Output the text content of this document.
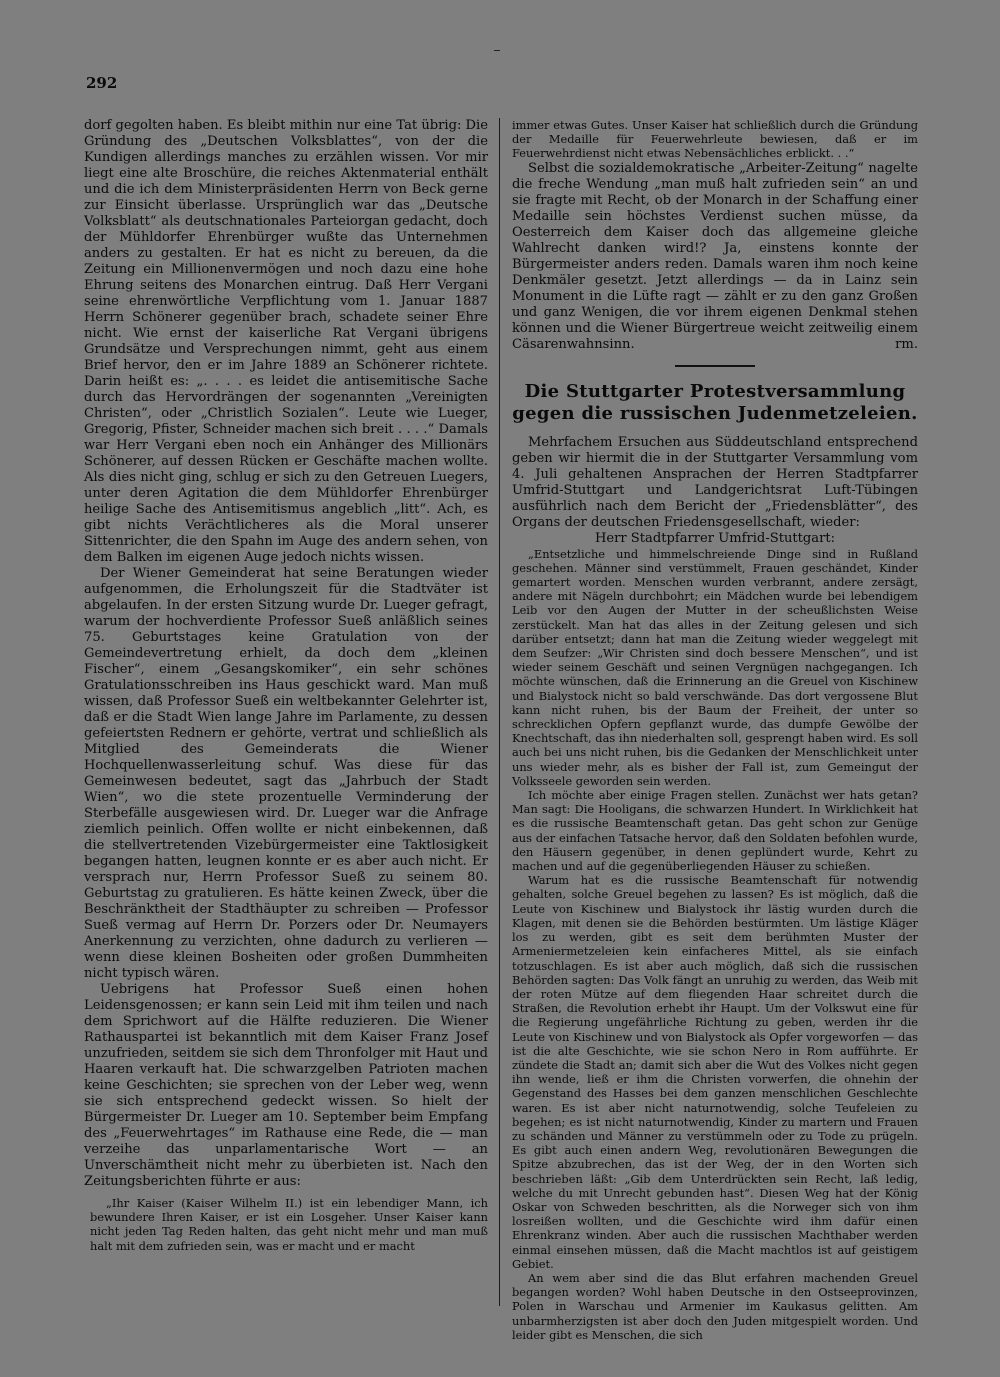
292

dorf gegolten haben. Es bleibt mithin nur eine Tat übrig: Die Gründung des „Deutschen Volksblattes“, von der die Kundigen allerdings manches zu erzählen wissen. Vor mir liegt eine alte Broschüre, die reiches Aktenmaterial enthält und die ich dem Ministerpräsidenten Herrn von Beck gerne zur Einsicht überlasse. Ursprünglich war das „Deutsche Volksblatt“ als deutschnationales Parteiorgan gedacht, doch der Mühldorfer Ehrenbürger wußte das Unternehmen anders zu gestalten. Er hat es nicht zu bereuen, da die Zeitung ein Millionenvermögen und noch dazu eine hohe Ehrung seitens des Monarchen eintrug. Daß Herr Vergani seine ehrenwörtliche Verpflichtung vom 1. Januar 1887 Herrn Schönerer gegenüber brach, schadete seiner Ehre nicht. Wie ernst der kaiserliche Rat Vergani übrigens Grundsätze und Versprechungen nimmt, geht aus einem Brief hervor, den er im Jahre 1889 an Schönerer richtete. Darin heißt es: „. . . . es leidet die antisemitische Sache durch das Hervordrängen der sogenannten „Vereinigten Christen“, oder „Christlich Sozialen“. Leute wie Lueger, Gregorig, Pfister, Schneider machen sich breit . . . .“ Damals war Herr Vergani eben noch ein Anhänger des Millionärs Schönerer, auf dessen Rücken er Geschäfte machen wollte. Als dies nicht ging, schlug er sich zu den Getreuen Luegers, unter deren Agitation die dem Mühldorfer Ehrenbürger heilige Sache des Antisemitismus angeblich „litt“. Ach, es gibt nichts Verächtlicheres als die Moral unserer Sittenrichter, die den Spahn im Auge des andern sehen, von dem Balken im eigenen Auge jedoch nichts wissen.

Der Wiener Gemeinderat hat seine Beratungen wieder aufgenommen, die Erholungszeit für die Stadtväter ist abgelaufen. In der ersten Sitzung wurde Dr. Lueger gefragt, warum der hochverdiente Professor Sueß anläßlich seines 75. Geburtstages keine Gratulation von der Gemeindevertretung erhielt, da doch dem „kleinen Fischer“, einem „Gesangskomiker“, ein sehr schönes Gratulationsschreiben ins Haus geschickt ward. Man muß wissen, daß Professor Sueß ein weltbekannter Gelehrter ist, daß er die Stadt Wien lange Jahre im Parlamente, zu dessen gefeiertsten Rednern er gehörte, vertrat und schließlich als Mitglied des Gemeinderats die Wiener Hochquellenwasserleitung schuf. Was diese für das Gemeinwesen bedeutet, sagt das „Jahrbuch der Stadt Wien“, wo die stete prozentuelle Verminderung der Sterbefälle ausgewiesen wird. Dr. Lueger war die Anfrage ziemlich peinlich. Offen wollte er nicht einbekennen, daß die stellvertretenden Vizebürgermeister eine Taktlosigkeit begangen hatten, leugnen konnte er es aber auch nicht. Er versprach nur, Herrn Professor Sueß zu seinem 80. Geburtstag zu gratulieren. Es hätte keinen Zweck, über die Beschränktheit der Stadthäupter zu schreiben — Professor Sueß vermag auf Herrn Dr. Porzers oder Dr. Neumayers Anerkennung zu verzichten, ohne dadurch zu verlieren — wenn diese kleinen Bosheiten oder großen Dummheiten nicht typisch wären.

Uebrigens hat Professor Sueß einen hohen Leidensgenossen; er kann sein Leid mit ihm teilen und nach dem Sprichwort auf die Hälfte reduzieren. Die Wiener Rathauspartei ist bekanntlich mit dem Kaiser Franz Josef unzufrieden, seitdem sie sich dem Thronfolger mit Haut und Haaren verkauft hat. Die schwarzgelben Patrioten machen keine Geschichten; sie sprechen von der Leber weg, wenn sie sich entsprechend gedeckt wissen. So hielt der Bürgermeister Dr. Lueger am 10. September beim Empfang des „Feuerwehrtages“ im Rathause eine Rede, die — man verzeihe das unparlamentarische Wort — an Unverschämtheit nicht mehr zu überbieten ist. Nach den Zeitungsberichten führte er aus:

„Ihr Kaiser (Kaiser Wilhelm II.) ist ein lebendiger Mann, ich bewundere Ihren Kaiser, er ist ein Losgeher. Unser Kaiser kann nicht jeden Tag Reden halten, das geht nicht mehr und man muß halt mit dem zufrieden sein, was er macht und er macht

immer etwas Gutes. Unser Kaiser hat schließlich durch die Gründung der Medaille für Feuerwehrleute bewiesen, daß er im Feuerwehrdienst nicht etwas Nebensächliches erblickt. . .“

Selbst die sozialdemokratische „Arbeiter-Zeitung“ nagelte die freche Wendung „man muß halt zufrieden sein“ an und sie fragte mit Recht, ob der Monarch in der Schaffung einer Medaille sein höchstes Verdienst suchen müsse, da Oesterreich dem Kaiser doch das allgemeine gleiche Wahlrecht danken wird!? Ja, einstens konnte der Bürgermeister anders reden. Damals waren ihm noch keine Denkmäler gesetzt. Jetzt allerdings — da in Lainz sein Monument in die Lüfte ragt — zählt er zu den ganz Großen und ganz Wenigen, die vor ihrem eigenen Denkmal stehen können und die Wiener Bürgertreue weicht zeitweilig einem Cäsarenwahnsinn.	rm.

Die Stuttgarter Protestversammlung gegen die russischen Judenmetzeleien.

Mehrfachem Ersuchen aus Süddeutschland entsprechend geben wir hiermit die in der Stuttgarter Versammlung vom 4. Juli gehaltenen Ansprachen der Herren Stadtpfarrer Umfrid-Stuttgart und Landgerichtsrat Luft-Tübingen ausführlich nach dem Bericht der „Friedensblätter“, des Organs der deutschen Friedensgesellschaft, wieder:

Herr Stadtpfarrer Umfrid-Stuttgart:

„Entsetzliche und himmelschreiende Dinge sind in Rußland geschehen. Männer sind verstümmelt, Frauen geschändet, Kinder gemartert worden. Menschen wurden verbrannt, andere zersägt, andere mit Nägeln durchbohrt; ein Mädchen wurde bei lebendigem Leib vor den Augen der Mutter in der scheußlichsten Weise zerstückelt. Man hat das alles in der Zeitung gelesen und sich darüber entsetzt; dann hat man die Zeitung wieder weggelegt mit dem Seufzer: „Wir Christen sind doch bessere Menschen“, und ist wieder seinem Geschäft und seinen Vergnügen nachgegangen. Ich möchte wünschen, daß die Erinnerung an die Greuel von Kischinew und Bialystock nicht so bald verschwände. Das dort vergossene Blut kann nicht ruhen, bis der Baum der Freiheit, der unter so schrecklichen Opfern gepflanzt wurde, das dumpfe Gewölbe der Knechtschaft, das ihn niederhalten soll, gesprengt haben wird. Es soll auch bei uns nicht ruhen, bis die Gedanken der Menschlichkeit unter uns wieder mehr, als es bisher der Fall ist, zum Gemeingut der Volksseele geworden sein werden.

Ich möchte aber einige Fragen stellen. Zunächst wer hats getan? Man sagt: Die Hooligans, die schwarzen Hundert. In Wirklichkeit hat es die russische Beamtenschaft getan. Das geht schon zur Genüge aus der einfachen Tatsache hervor, daß den Soldaten befohlen wurde, den Häusern gegenüber, in denen geplündert wurde, Kehrt zu machen und auf die gegenüberliegenden Häuser zu schießen.

Warum hat es die russische Beamtenschaft für notwendig gehalten, solche Greuel begehen zu lassen? Es ist möglich, daß die Leute von Kischinew und Bialystock ihr lästig wurden durch die Klagen, mit denen sie die Behörden bestürmten. Um lästige Kläger los zu werden, gibt es seit dem berühmten Muster der Armeniermetzeleien kein einfacheres Mittel, als sie einfach totzuschlagen. Es ist aber auch möglich, daß sich die russischen Behörden sagten: Das Volk fängt an unruhig zu werden, das Weib mit der roten Mütze auf dem fliegenden Haar schreitet durch die Straßen, die Revolution erhebt ihr Haupt. Um der Volkswut eine für die Regierung ungefährliche Richtung zu geben, werden ihr die Leute von Kischinew und von Bialystock als Opfer vorgeworfen — das ist die alte Geschichte, wie sie schon Nero in Rom aufführte. Er zündete die Stadt an; damit sich aber die Wut des Volkes nicht gegen ihn wende, ließ er ihm die Christen vorwerfen, die ohnehin der Gegenstand des Hasses bei dem ganzen menschlichen Geschlechte waren. Es ist aber nicht naturnotwendig, solche Teufeleien zu begehen; es ist nicht naturnotwendig, Kinder zu martern und Frauen zu schänden und Männer zu verstümmeln oder zu Tode zu prügeln. Es gibt auch einen andern Weg, revolutionären Bewegungen die Spitze abzubrechen, das ist der Weg, der in den Worten sich beschrieben läßt: „Gib dem Unterdrückten sein Recht, laß ledig, welche du mit Unrecht gebunden hast“. Diesen Weg hat der König Oskar von Schweden beschritten, als die Norweger sich von ihm losreißen wollten, und die Geschichte wird ihm dafür einen Ehrenkranz winden. Aber auch die russischen Machthaber werden einmal einsehen müssen, daß die Macht machtlos ist auf geistigem Gebiet.

An wem aber sind die das Blut erfahren machenden Greuel begangen worden? Wohl haben Deutsche in den Ostseeprovinzen, Polen in Warschau und Armenier im Kaukasus gelitten. Am unbarmherzigsten ist aber doch den Juden mitgespielt worden. Und leider gibt es Menschen, die sich
